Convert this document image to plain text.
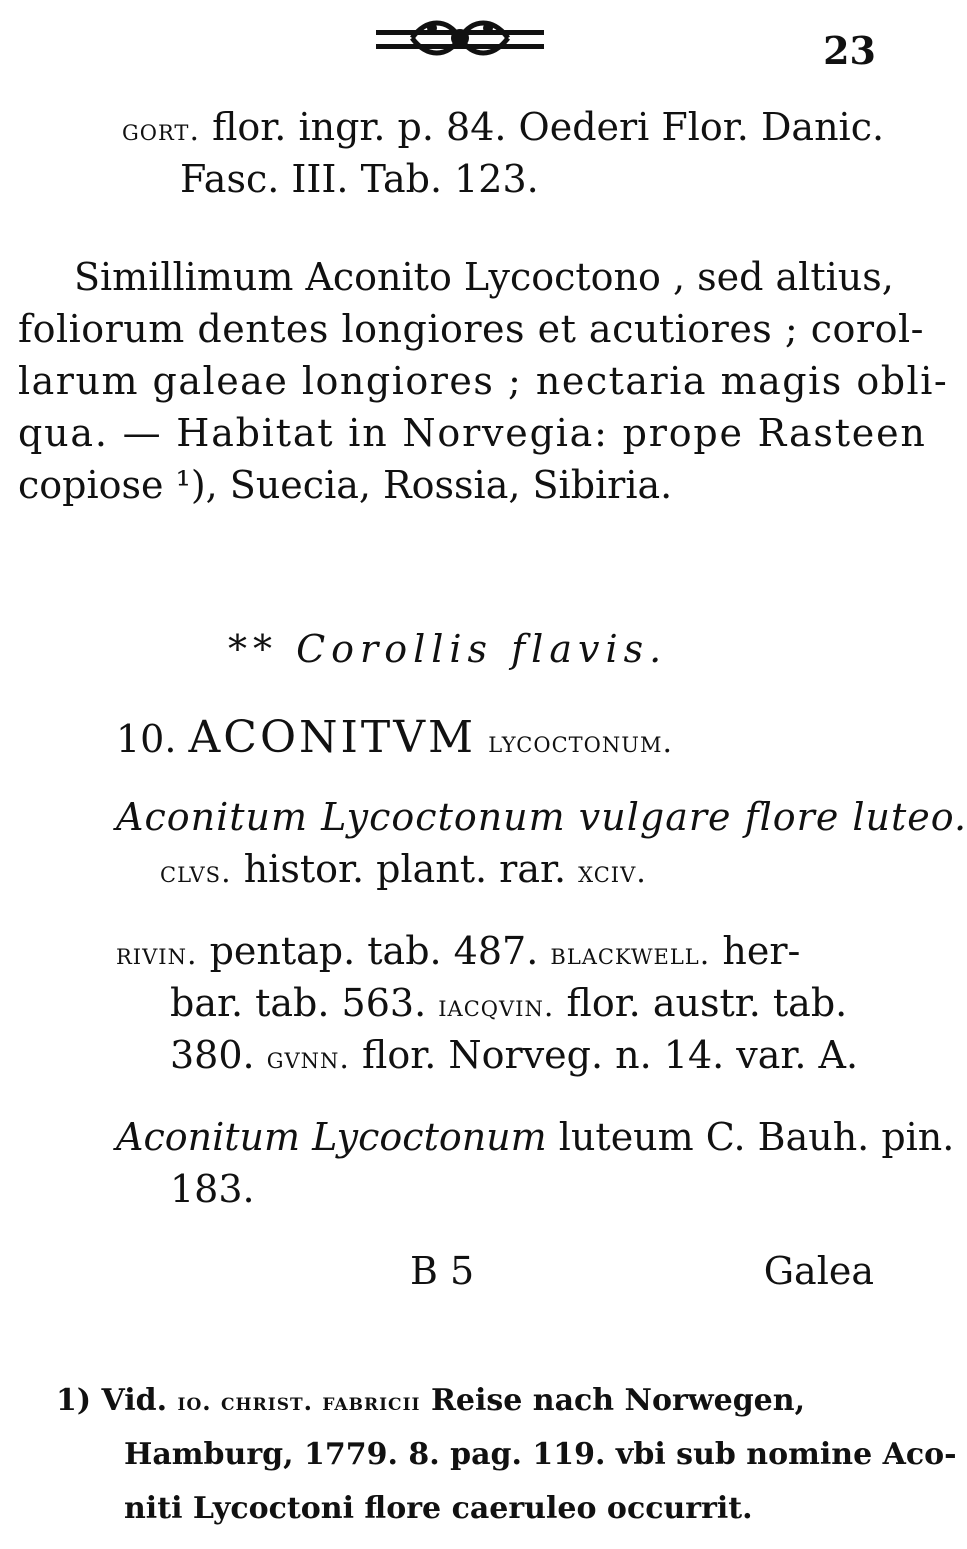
23
gort. flor. ingr. p. 84. Oederi Flor. Danic.
Fasc. III. Tab. 123.
Simillimum Aconito Lycoctono , sed altius,
foliorum dentes longiores et acutiores ; corol-
larum galeae longiores ; nectaria magis obli-
qua. — Habitat in Norvegia: prope Rasteen
copiose ¹), Suecia, Rossia, Sibiria.
** Corollis flavis.
10. ACONITVM lycoctonum.
Aconitum Lycoctonum vulgare flore luteo.
clvs. histor. plant. rar. xciv.
rivin. pentap. tab. 487. blackwell. her-
bar. tab. 563. iacqvin. flor. austr. tab.
380. gvnn. flor. Norveg. n. 14. var. A.
Aconitum Lycoctonum luteum C. Bauh. pin.
183.
B 5	Galea
1) Vid. io. christ. fabricii Reise nach Norwegen,
Hamburg, 1779. 8. pag. 119. vbi sub nomine Aco-
niti Lycoctoni flore caeruleo occurrit.
